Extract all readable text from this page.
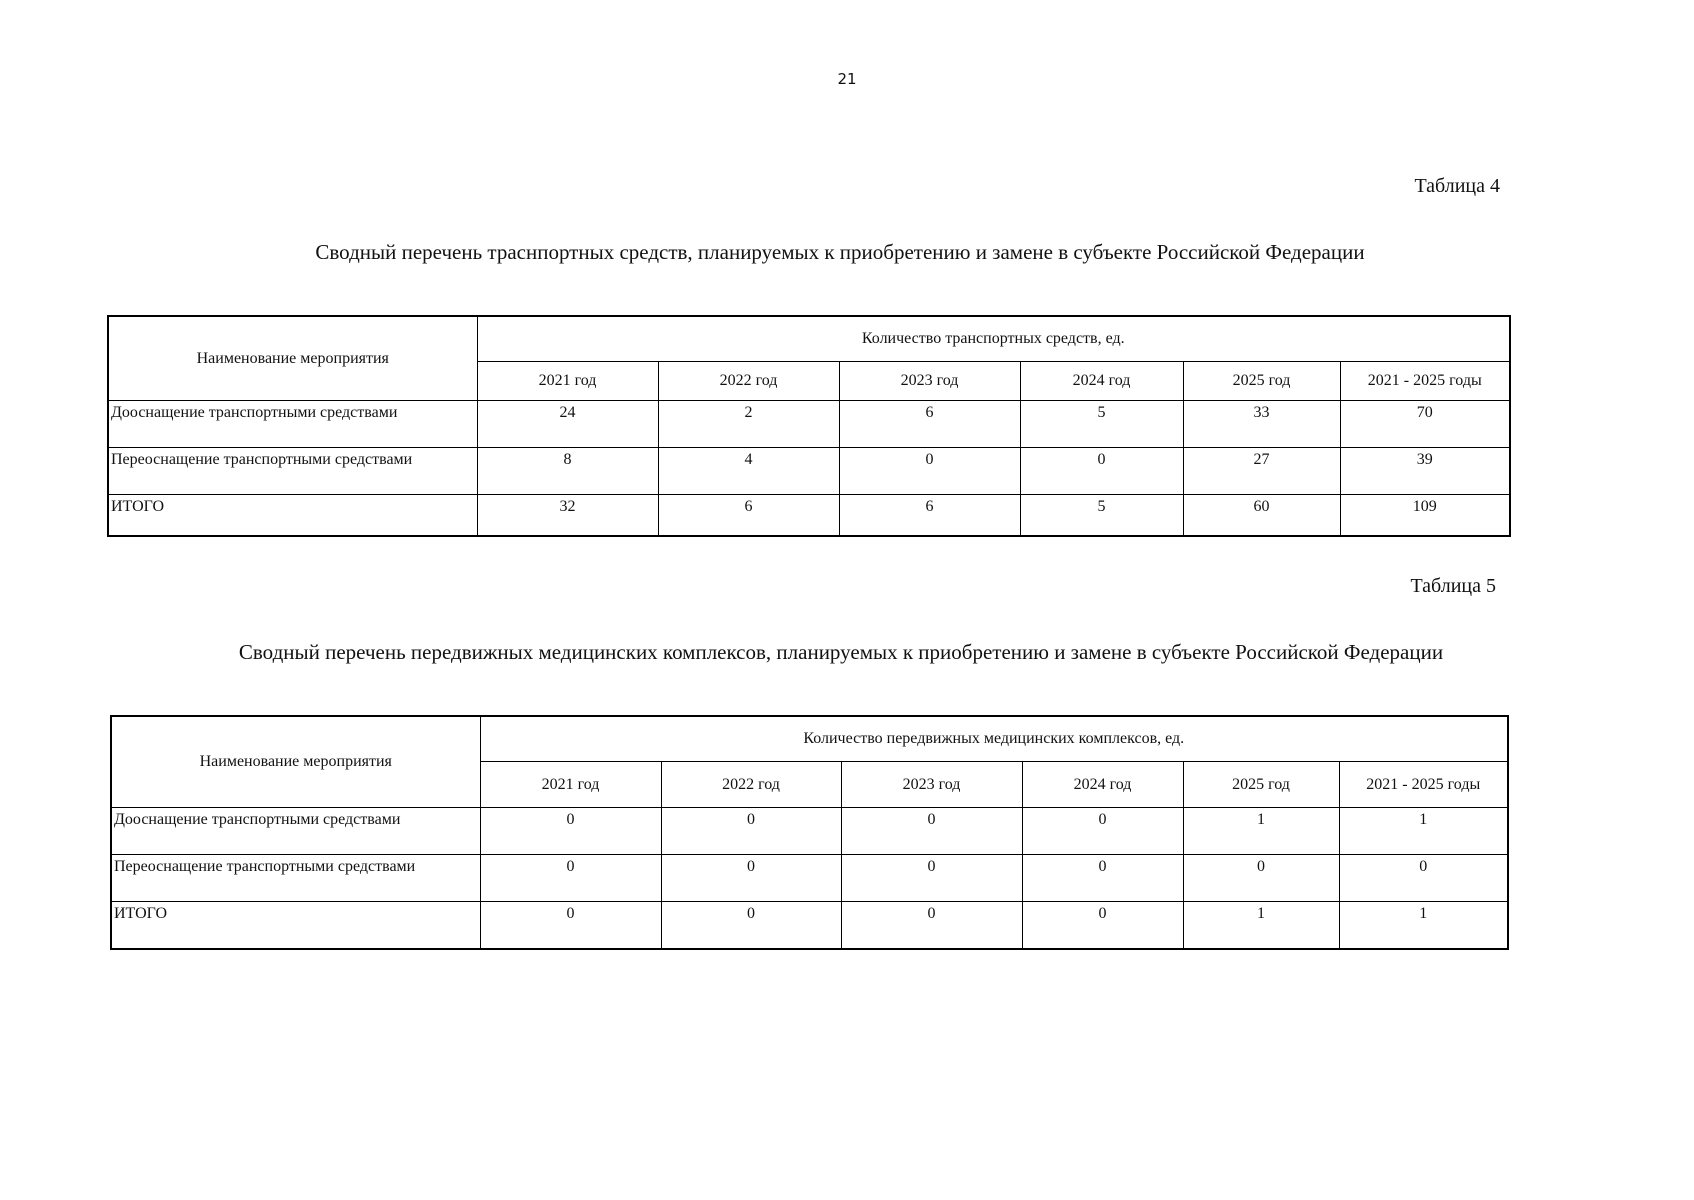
21
Таблица 4
Сводный перечень траснпортных средств, планируемых к приобретению и замене в субъекте Российской Федерации
Наименование мероприятия	Количество транспортных средств, ед.					
	2021 год	2022 год	2023 год	2024 год	2025 год	2021 - 2025 годы
Дооснащение транспортными средствами	24	2	6	5	33	70
Переоснащение транспортными средствами	8	4	0	0	27	39
ИТОГО	32	6	6	5	60	109
Таблица 5
Сводный перечень передвижных медицинских комплексов, планируемых к приобретению и замене в субъекте Российской Федерации
Наименование мероприятия	Количество передвижных медицинских комплексов, ед.					
	2021 год	2022 год	2023 год	2024 год	2025 год	2021 - 2025 годы
Дооснащение транспортными средствами	0	0	0	0	1	1
Переоснащение транспортными средствами	0	0	0	0	0	0
ИТОГО	0	0	0	0	1	1
